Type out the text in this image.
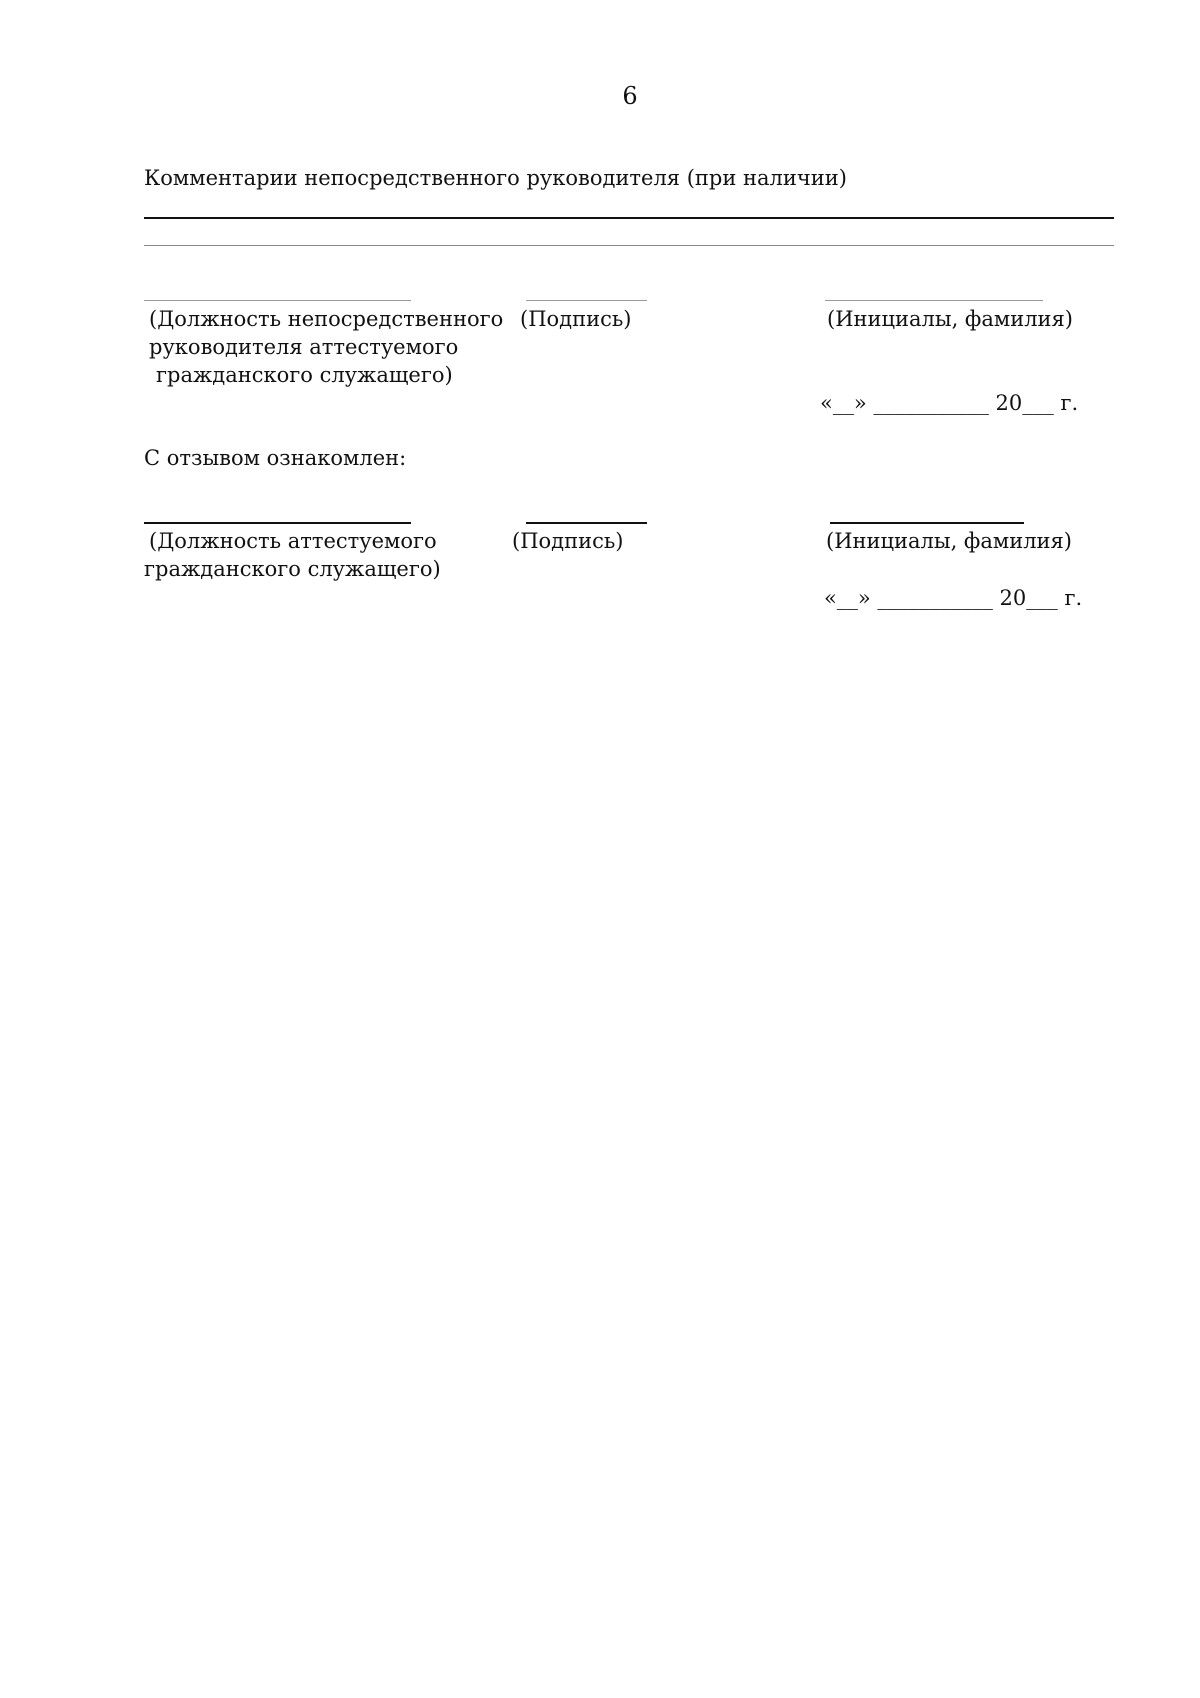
6
Комментарии непосредственного руководителя (при наличии)
(Должность непосредственного
руководителя аттестуемого
гражданского служащего)
(Подпись)	(Инициалы, фамилия)
«__» ___________ 20___ г.
С отзывом ознакомлен:
(Должность аттестуемого
гражданского служащего)
(Подпись)	(Инициалы, фамилия)
«__» ___________ 20___ г.
